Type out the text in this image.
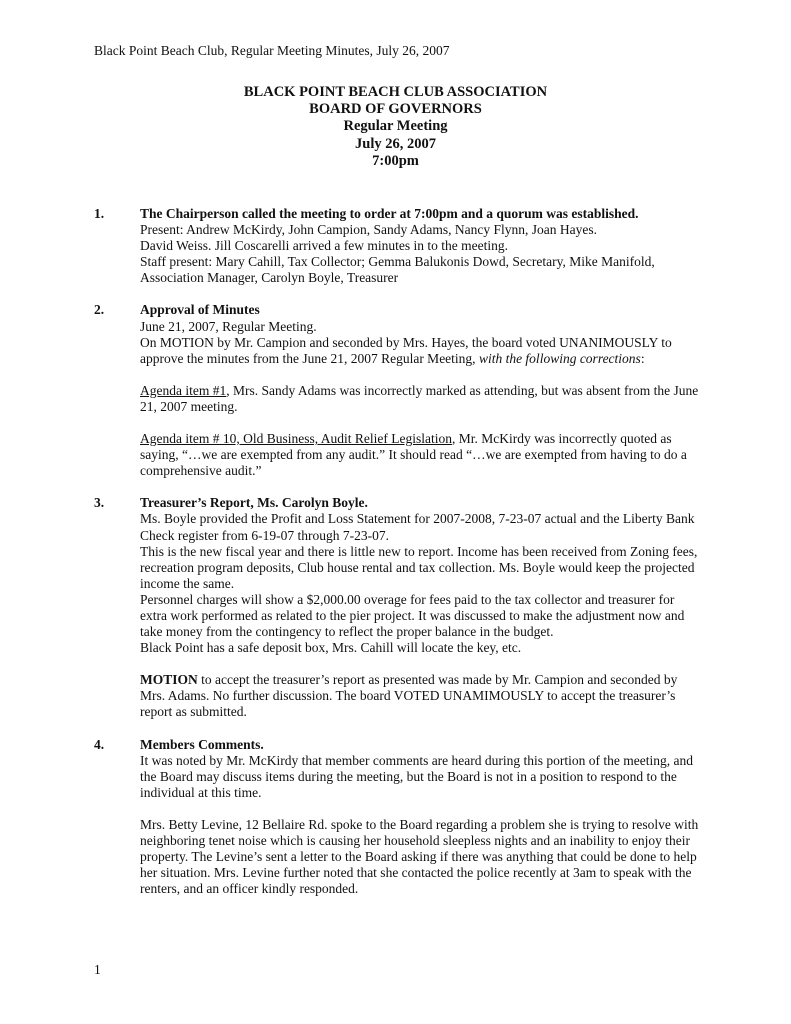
Black Point Beach Club, Regular Meeting Minutes, July 26, 2007
BLACK POINT BEACH CLUB ASSOCIATION
BOARD OF GOVERNORS
Regular Meeting
July 26, 2007
7:00pm
1.	The Chairperson called the meeting to order at 7:00pm and a quorum was established.

Present: Andrew McKirdy, John Campion, Sandy Adams, Nancy Flynn, Joan Hayes.

David Weiss. Jill Coscarelli arrived a few minutes in to the meeting.

Staff present: Mary Cahill, Tax Collector; Gemma Balukonis Dowd, Secretary, Mike Manifold, Association Manager, Carolyn Boyle, Treasurer

2.	Approval of Minutes

June 21, 2007, Regular Meeting.

On MOTION by Mr. Campion and seconded by Mrs. Hayes, the board voted UNANIMOUSLY to approve the minutes from the June 21, 2007 Regular Meeting, with the following corrections:

Agenda item #1, Mrs. Sandy Adams was incorrectly marked as attending, but was absent from the June 21, 2007 meeting.

Agenda item # 10, Old Business, Audit Relief Legislation, Mr. McKirdy was incorrectly quoted as saying, “…we are exempted from any audit.” It should read “…we are exempted from having to do a comprehensive audit.”

3.	Treasurer’s Report, Ms. Carolyn Boyle.

Ms. Boyle provided the Profit and Loss Statement for 2007-2008, 7-23-07 actual and the Liberty Bank Check register from 6-19-07 through 7-23-07.

This is the new fiscal year and there is little new to report. Income has been received from Zoning fees, recreation program deposits, Club house rental and tax collection. Ms. Boyle would keep the projected income the same.

Personnel charges will show a $2,000.00 overage for fees paid to the tax collector and treasurer for extra work performed as related to the pier project. It was discussed to make the adjustment now and take money from the contingency to reflect the proper balance in the budget.

Black Point has a safe deposit box, Mrs. Cahill will locate the key, etc.

MOTION to accept the treasurer’s report as presented was made by Mr. Campion and seconded by Mrs. Adams. No further discussion. The board VOTED UNAMIMOUSLY to accept the treasurer’s report as submitted.

4.	Members Comments.

It was noted by Mr. McKirdy that member comments are heard during this portion of the meeting, and the Board may discuss items during the meeting, but the Board is not in a position to respond to the individual at this time.

Mrs. Betty Levine, 12 Bellaire Rd. spoke to the Board regarding a problem she is trying to resolve with neighboring tenet noise which is causing her household sleepless nights and an inability to enjoy their property. The Levine’s sent a letter to the Board asking if there was anything that could be done to help her situation. Mrs. Levine further noted that she contacted the police recently at 3am to speak with the renters, and an officer kindly responded.

1
